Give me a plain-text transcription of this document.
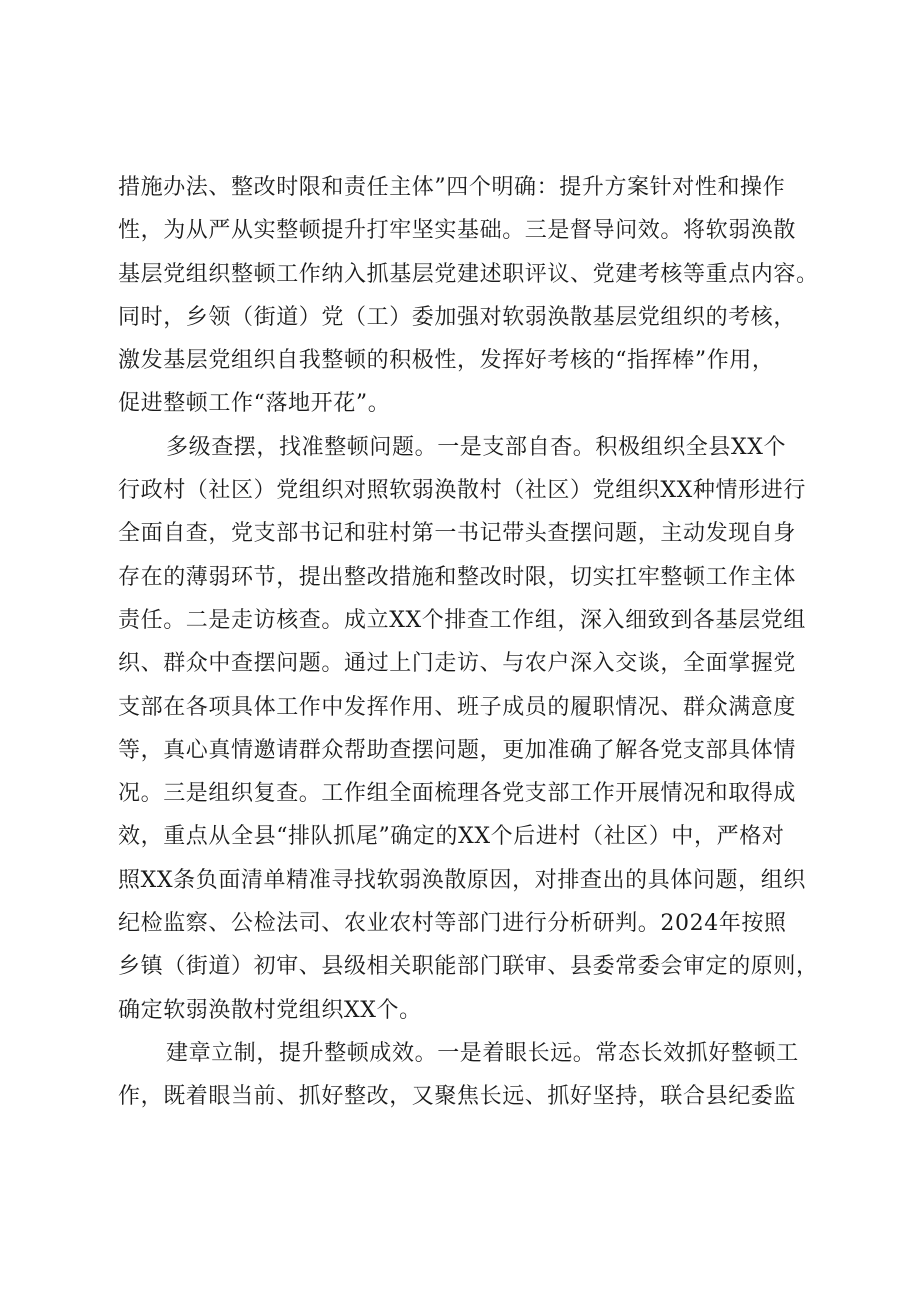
措施办法、整改时限和责任主体”四个明确：提升方案针对性和操作
性，为从严从实整顿提升打牢坚实基础。三是督导问效。将软弱涣散
基层党组织整顿工作纳入抓基层党建述职评议、党建考核等重点内容。
同时，乡领（街道）党（工）委加强对软弱涣散基层党组织的考核，
激发基层党组织自我整顿的积极性，发挥好考核的“指挥棒”作用，
促进整顿工作“落地开花”。
多级查摆，找准整顿问题。一是支部自杳。积极组织全县XX个
行政村（社区）党组织对照软弱涣散村（社区）党组织XX种情形进行
全面自查，党支部书记和驻村第一书记带头查摆问题，主动发现自身
存在的薄弱环节，提出整改措施和整改时限，切实扛牢整顿工作主体
责任。二是走访核查。成立XX个排查工作组，深入细致到各基层党组
织、群众中查摆问题。通过上门走访、与农户深入交谈，全面掌握党
支部在各项具体工作中发挥作用、班子成员的履职情况、群众满意度
等，真心真情邀请群众帮助查摆问题，更加准确了解各党支部具体情
况。三是组织复查。工作组全面梳理各党支部工作开展情况和取得成
效，重点从全县“排队抓尾”确定的XX个后进村（社区）中，严格对
照XX条负面清单精准寻找软弱涣散原因，对排查出的具体问题，组织
纪检监察、公检法司、农业农村等部门进行分析研判。2024年按照
乡镇（街道）初审、县级相关职能部门联审、县委常委会审定的原则，
确定软弱涣散村党组织XX个。
建章立制，提升整顿成效。一是着眼长远。常态长效抓好整顿工
作，既着眼当前、抓好整改，又聚焦长远、抓好坚持，联合县纪委监
